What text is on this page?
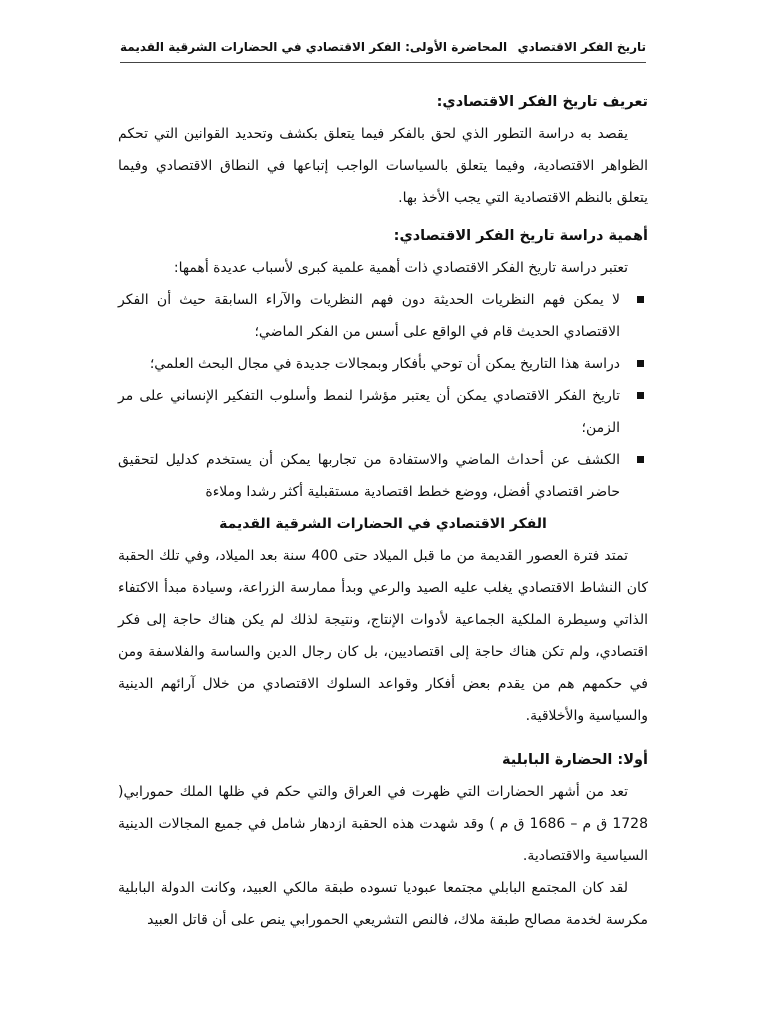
تاريخ الفكر الاقتصادي
المحاضرة الأولى: الفكر الاقتصادي في الحضارات الشرقية القديمة

تعريف تاريخ الفكر الاقتصادي:

يقصد به دراسة التطور الذي لحق بالفكر فيما يتعلق بكشف وتحديد القوانين التي تحكم الظواهر الاقتصادية، وفيما يتعلق بالسياسات الواجب إتباعها في النطاق الاقتصادي وفيما يتعلق بالنظم الاقتصادية التي يجب الأخذ بها.

أهمية دراسة تاريخ الفكر الاقتصادي:

تعتبر دراسة تاريخ الفكر الاقتصادي ذات أهمية علمية كبرى لأسباب عديدة أهمها:

لا يمكن فهم النظريات الحديثة دون فهم النظريات والآراء السابقة حيث أن الفكر الاقتصادي الحديث قام في الواقع على أسس من الفكر الماضي؛
دراسة هذا التاريخ يمكن أن توحي بأفكار وبمجالات جديدة في مجال البحث العلمي؛
تاريخ الفكر الاقتصادي يمكن أن يعتبر مؤشرا لنمط وأسلوب التفكير الإنساني على مر الزمن؛
الكشف عن أحداث الماضي والاستفادة من تجاربها يمكن أن يستخدم كدليل لتحقيق حاضر اقتصادي أفضل، ووضع خطط اقتصادية مستقبلية أكثر رشدا وملاءة

الفكر الاقتصادي في الحضارات الشرقية القديمة

تمتد فترة العصور القديمة من ما قبل الميلاد حتى 400 سنة بعد الميلاد، وفي تلك الحقبة كان النشاط الاقتصادي يغلب عليه الصيد والرعي وبدأ ممارسة الزراعة، وسيادة مبدأ الاكتفاء الذاتي وسيطرة الملكية الجماعية لأدوات الإنتاج، ونتيجة لذلك لم يكن هناك حاجة إلى فكر اقتصادي، ولم تكن هناك حاجة إلى اقتصاديين، بل كان رجال الدين والساسة والفلاسفة ومن في حكمهم هم من يقدم بعض أفكار وقواعد السلوك الاقتصادي من خلال آرائهم الدينية والسياسية والأخلاقية.

أولا: الحضارة البابلية

تعد من أشهر الحضارات التي ظهرت في العراق والتي حكم في ظلها الملك حمورابي( 1728 ق م – 1686 ق م ) وقد شهدت هذه الحقبة ازدهار شامل في جميع المجالات الدينية السياسية والاقتصادية.

لقد كان المجتمع البابلي مجتمعا عبوديا تسوده طبقة مالكي العبيد، وكانت الدولة البابلية مكرسة لخدمة مصالح طبقة ملاك، فالنص التشريعي الحمورابي ينص على أن قاتل العبيد
